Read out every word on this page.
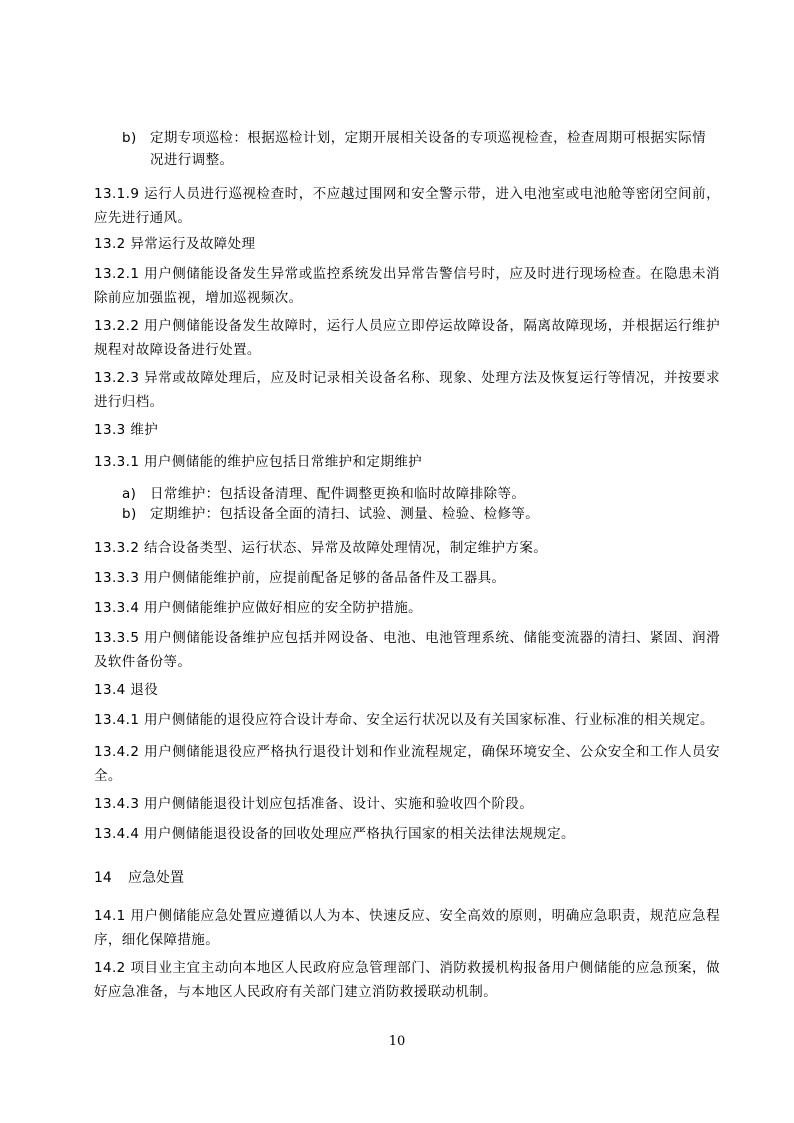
b) 定期专项巡检：根据巡检计划，定期开展相关设备的专项巡视检查，检查周期可根据实际情

况进行调整。

13.1.9 运行人员进行巡视检查时，不应越过围网和安全警示带，进入电池室或电池舱等密闭空间前，应先进行通风。

13.2 异常运行及故障处理

13.2.1 用户侧储能设备发生异常或监控系统发出异常告警信号时，应及时进行现场检查。在隐患未消除前应加强监视，增加巡视频次。

13.2.2 用户侧储能设备发生故障时，运行人员应立即停运故障设备，隔离故障现场，并根据运行维护规程对故障设备进行处置。

13.2.3 异常或故障处理后，应及时记录相关设备名称、现象、处理方法及恢复运行等情况，并按要求进行归档。

13.3 维护

13.3.1 用户侧储能的维护应包括日常维护和定期维护

a) 日常维护：包括设备清理、配件调整更换和临时故障排除等。

b) 定期维护：包括设备全面的清扫、试验、测量、检验、检修等。

13.3.2 结合设备类型、运行状态、异常及故障处理情况，制定维护方案。

13.3.3 用户侧储能维护前，应提前配备足够的备品备件及工器具。

13.3.4 用户侧储能维护应做好相应的安全防护措施。

13.3.5 用户侧储能设备维护应包括并网设备、电池、电池管理系统、储能变流器的清扫、紧固、润滑及软件备份等。

13.4 退役

13.4.1 用户侧储能的退役应符合设计寿命、安全运行状况以及有关国家标准、行业标准的相关规定。

13.4.2 用户侧储能退役应严格执行退役计划和作业流程规定，确保环境安全、公众安全和工作人员安全。

13.4.3 用户侧储能退役计划应包括准备、设计、实施和验收四个阶段。

13.4.4 用户侧储能退役设备的回收处理应严格执行国家的相关法律法规规定。

14 应急处置

14.1 用户侧储能应急处置应遵循以人为本、快速反应、安全高效的原则，明确应急职责，规范应急程序，细化保障措施。

14.2 项目业主宜主动向本地区人民政府应急管理部门、消防救援机构报备用户侧储能的应急预案，做好应急准备，与本地区人民政府有关部门建立消防救援联动机制。

10
